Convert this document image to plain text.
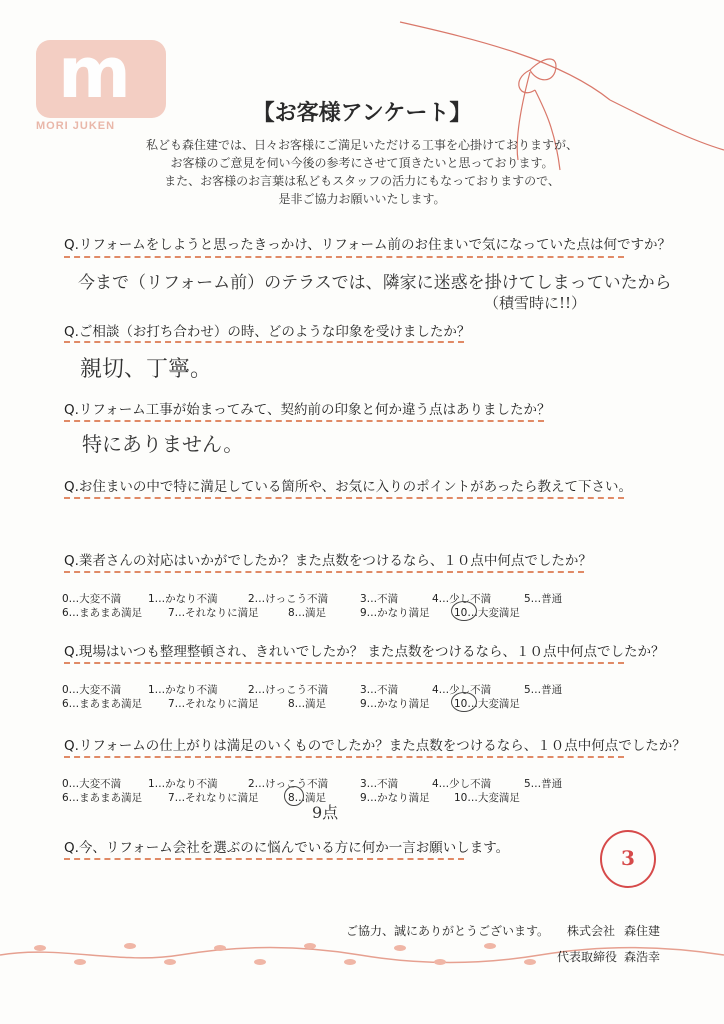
m
MORI JUKEN	【お客様アンケート】
私ども森住建では、日々お客様にご満足いただける工事を心掛けておりますが、
お客様のご意見を伺い今後の参考にさせて頂きたいと思っております。
また、お客様のお言葉は私どもスタッフの活力にもなっておりますので、
是非ご協力お願いいたします。
Q.リフォームをしようと思ったきっかけ、リフォーム前のお住まいで気になっていた点は何ですか？
今まで（リフォーム前）のテラスでは、隣家に迷惑を掛けてしまっていたから
（積雪時に!!）
Q.ご相談（お打ち合わせ）の時、どのような印象を受けましたか？
親切、丁寧。
Q.リフォーム工事が始まってみて、契約前の印象と何か違う点はありましたか？
特にありません。
Q.お住まいの中で特に満足している箇所や、お気に入りのポイントがあったら教えて下さい。
Q.業者さんの対応はいかがでしたか？また点数をつけるなら、１０点中何点でしたか？
0…大変不満	1…かなり不満	2…けっこう不満	3…不満	4…少し不満	5…普通
6…まあまあ満足 7…それなりに満足	8…満足	9…かなり満足 10…大変満足
Q.現場はいつも整理整頓され、きれいでしたか？ また点数をつけるなら、１０点中何点でしたか？
0…大変不満	1…かなり不満	2…けっこう不満	3…不満	4…少し不満	5…普通
6…まあまあ満足 7…それなりに満足	8…満足	9…かなり満足 10…大変満足
Q.リフォームの仕上がりは満足のいくものでしたか？また点数をつけるなら、１０点中何点でしたか？
0…大変不満	1…かなり不満	2…けっこう不満	3…不満	4…少し不満	5…普通
6…まあまあ満足 7…それなりに満足	8…満足	9…かなり満足 10…大変満足
9点
Q.今、リフォーム会社を選ぶのに悩んでいる方に何か一言お願いします。	3
ご協力、誠にありがとうございます。 株式会社 森住建
代表取締役 森浩幸
